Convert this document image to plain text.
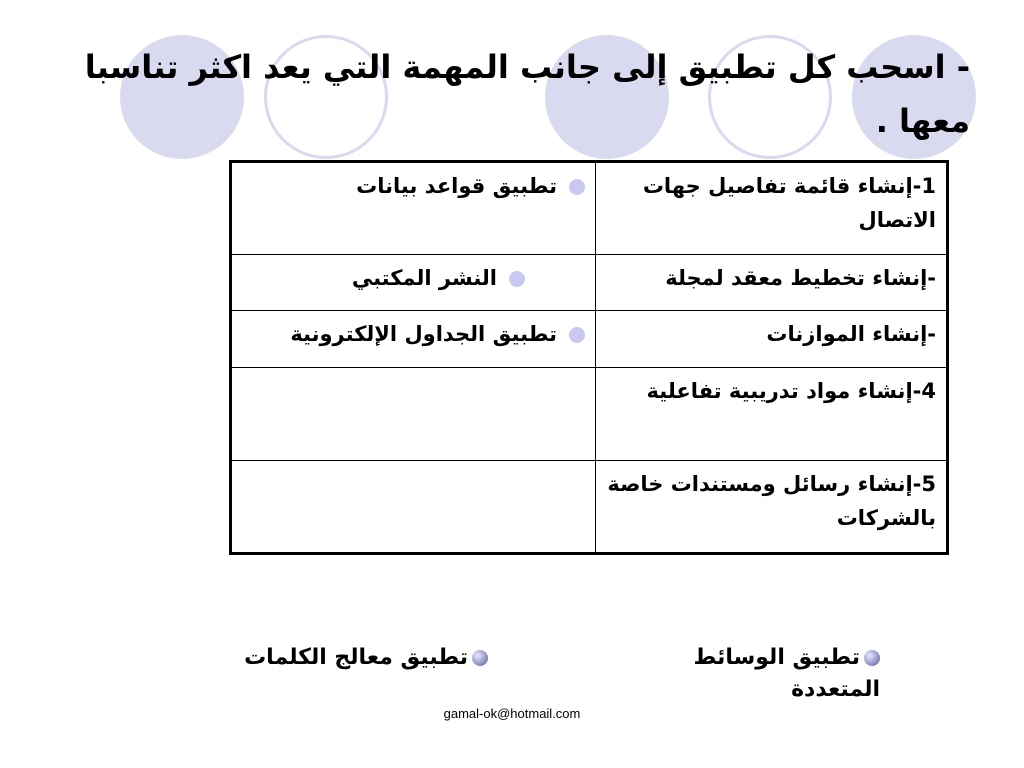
- اسحب كل تطبيق إلى جانب المهمة التي يعد اكثر تناسبا معها .
1-إنشاء قائمة تفاصيل جهات الاتصال	تطبيق قواعد بيانات
-إنشاء تخطيط معقد لمجلة	النشر المكتبي
-إنشاء الموازنات	تطبيق الجداول الإلكترونية
4-إنشاء مواد تدريبية تفاعلية	
5-إنشاء رسائل ومستندات خاصة بالشركات	
تطبيق الوسائط المتعددة
تطبيق معالج الكلمات
gamal-ok@hotmail.com
